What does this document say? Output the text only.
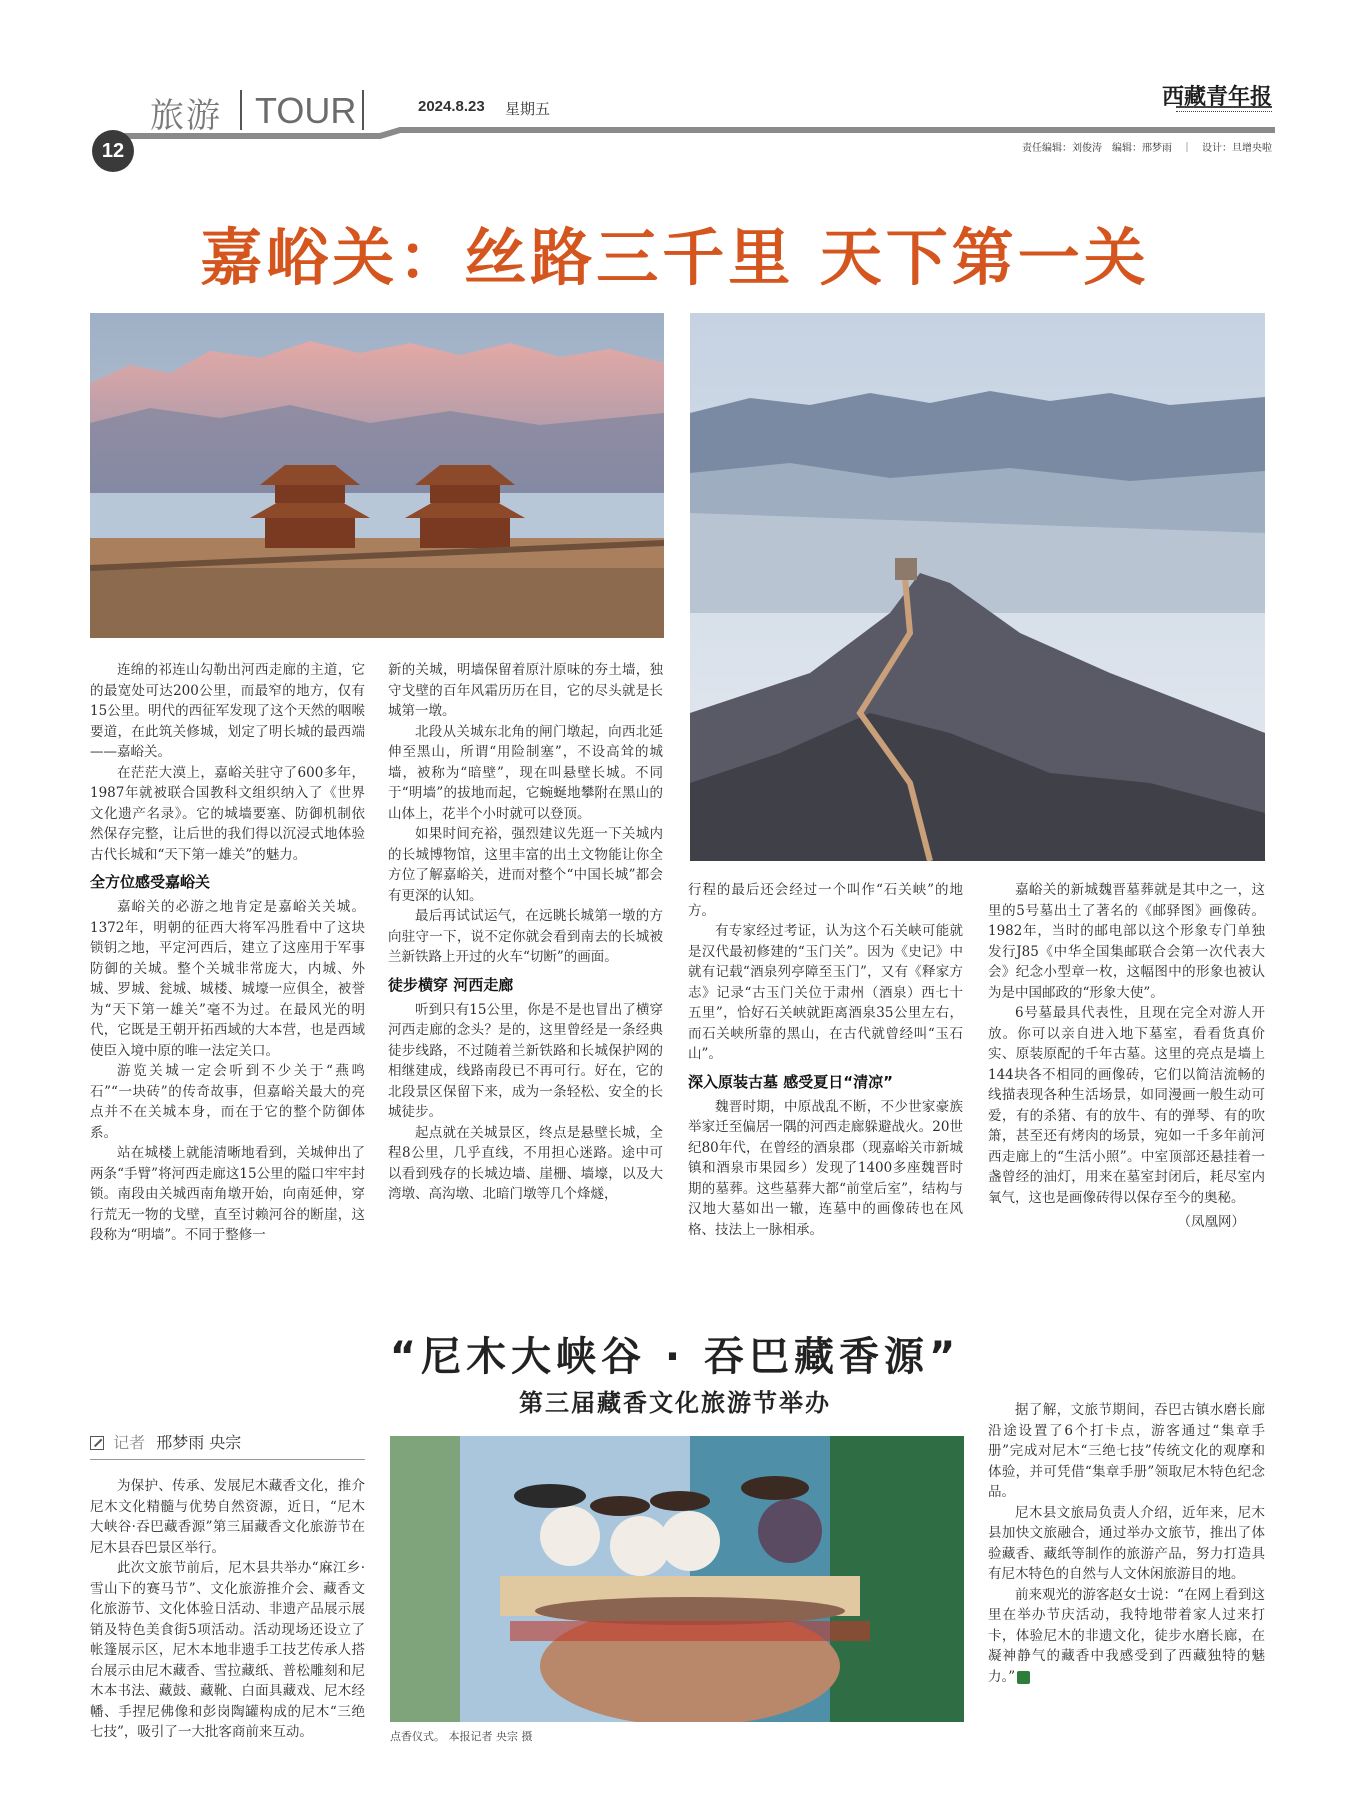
旅游 TOUR	2024.8.23 星期五	西藏青年报
12	责任编辑：刘俊涛　编辑：邢梦雨　｜　设计：旦增央啦
嘉峪关：丝路三千里 天下第一关

连绵的祁连山勾勒出河西走廊的主道，它的最宽处可达200公里，而最窄的地方，仅有15公里。明代的西征军发现了这个天然的咽喉要道，在此筑关修城，划定了明长城的最西端——嘉峪关。

在茫茫大漠上，嘉峪关驻守了600多年，1987年就被联合国教科文组织纳入了《世界文化遗产名录》。它的城墙要塞、防御机制依然保存完整，让后世的我们得以沉浸式地体验古代长城和“天下第一雄关”的魅力。

全方位感受嘉峪关

嘉峪关的必游之地肯定是嘉峪关关城。1372年，明朝的征西大将军冯胜看中了这块锁钥之地，平定河西后，建立了这座用于军事防御的关城。整个关城非常庞大，内城、外城、罗城、瓮城、城楼、城壕一应俱全，被誉为“天下第一雄关”毫不为过。在最风光的明代，它既是王朝开拓西域的大本营，也是西域使臣入境中原的唯一法定关口。

游览关城一定会听到不少关于“燕鸣石”“一块砖”的传奇故事，但嘉峪关最大的亮点并不在关城本身，而在于它的整个防御体系。

站在城楼上就能清晰地看到，关城伸出了两条“手臂”将河西走廊这15公里的隘口牢牢封锁。南段由关城西南角墩开始，向南延伸，穿行荒无一物的戈壁，直至讨赖河谷的断崖，这段称为“明墙”。不同于整修一

新的关城，明墙保留着原汁原味的夯土墙，独守戈壁的百年风霜历历在目，它的尽头就是长城第一墩。

北段从关城东北角的闸门墩起，向西北延伸至黑山，所谓“用险制塞”，不设高耸的城墙，被称为“暗壁”，现在叫悬壁长城。不同于“明墙”的拔地而起，它蜿蜒地攀附在黑山的山体上，花半个小时就可以登顶。

如果时间充裕，强烈建议先逛一下关城内的长城博物馆，这里丰富的出土文物能让你全方位了解嘉峪关，进而对整个“中国长城”都会有更深的认知。

最后再试试运气，在远眺长城第一墩的方向驻守一下，说不定你就会看到南去的长城被兰新铁路上开过的火车“切断”的画面。

徒步横穿 河西走廊

听到只有15公里，你是不是也冒出了横穿河西走廊的念头？是的，这里曾经是一条经典徒步线路，不过随着兰新铁路和长城保护网的相继建成，线路南段已不再可行。好在，它的北段景区保留下来，成为一条轻松、安全的长城徒步。

起点就在关城景区，终点是悬壁长城，全程8公里，几乎直线，不用担心迷路。途中可以看到残存的长城边墙、崖栅、墙壕，以及大湾墩、高沟墩、北暗门墩等几个烽燧，

行程的最后还会经过一个叫作“石关峡”的地方。

有专家经过考证，认为这个石关峡可能就是汉代最初修建的“玉门关”。因为《史记》中就有记载“酒泉列亭障至玉门”，又有《释家方志》记录“古玉门关位于肃州（酒泉）西七十五里”，恰好石关峡就距离酒泉35公里左右，而石关峡所靠的黑山，在古代就曾经叫“玉石山”。

深入原装古墓 感受夏日“清凉”

魏晋时期，中原战乱不断，不少世家豪族举家迁至偏居一隅的河西走廊躲避战火。20世纪80年代，在曾经的酒泉郡（现嘉峪关市新城镇和酒泉市果园乡）发现了1400多座魏晋时期的墓葬。这些墓葬大都“前堂后室”，结构与汉地大墓如出一辙，连墓中的画像砖也在风格、技法上一脉相承。

嘉峪关的新城魏晋墓葬就是其中之一，这里的5号墓出土了著名的《邮驿图》画像砖。1982年，当时的邮电部以这个形象专门单独发行J85《中华全国集邮联合会第一次代表大会》纪念小型章一枚，这幅图中的形象也被认为是中国邮政的“形象大使”。

6号墓最具代表性，且现在完全对游人开放。你可以亲自进入地下墓室，看看货真价实、原装原配的千年古墓。这里的亮点是墙上144块各不相同的画像砖，它们以简洁流畅的线描表现各种生活场景，如同漫画一般生动可爱，有的杀猪、有的放牛、有的弹琴、有的吹箫，甚至还有烤肉的场景，宛如一千多年前河西走廊上的“生活小照”。中室顶部还悬挂着一盏曾经的油灯，用来在墓室封闭后，耗尽室内氧气，这也是画像砖得以保存至今的奥秘。

（凤凰网）

“尼木大峡谷 · 吞巴藏香源”
第三届藏香文化旅游节举办
记者 邢梦雨 央宗

为保护、传承、发展尼木藏香文化，推介尼木文化精髓与优势自然资源，近日，“尼木大峡谷·吞巴藏香源”第三届藏香文化旅游节在尼木县吞巴景区举行。

此次文旅节前后，尼木县共举办“麻江乡·雪山下的赛马节”、文化旅游推介会、藏香文化旅游节、文化体验日活动、非遗产品展示展销及特色美食街5项活动。活动现场还设立了帐篷展示区，尼木本地非遗手工技艺传承人搭台展示由尼木藏香、雪拉藏纸、普松雕刻和尼木本书法、藏鼓、藏靴、白面具藏戏、尼木经幡、手捏尼佛像和彭岗陶罐构成的尼木“三绝七技”，吸引了一大批客商前来互动。	点香仪式。 本报记者 央宗 摄

据了解，文旅节期间，吞巴古镇水磨长廊沿途设置了6个打卡点，游客通过“集章手册”完成对尼木“三绝七技”传统文化的观摩和体验，并可凭借“集章手册”领取尼木特色纪念品。

尼木县文旅局负责人介绍，近年来，尼木县加快文旅融合，通过举办文旅节，推出了体验藏香、藏纸等制作的旅游产品，努力打造具有尼木特色的自然与人文休闲旅游目的地。

前来观光的游客赵女士说：“在网上看到这里在举办节庆活动，我特地带着家人过来打卡，体验尼木的非遗文化，徒步水磨长廊，在凝神静气的藏香中我感受到了西藏独特的魅力。”
